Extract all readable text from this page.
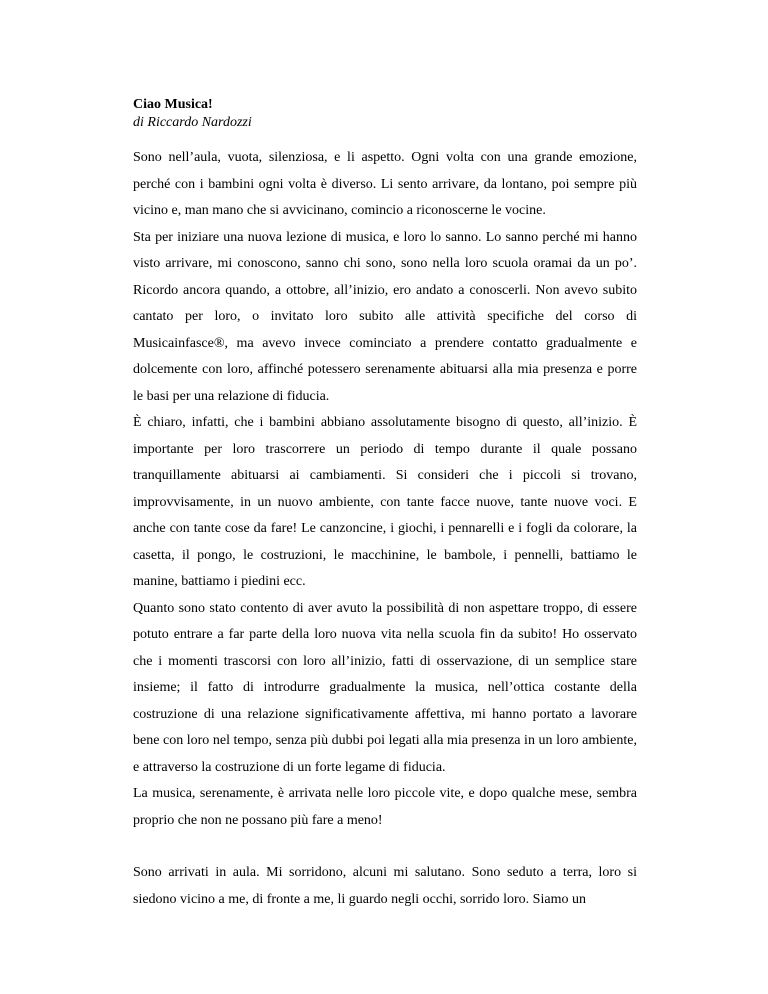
Ciao Musica!

di Riccardo Nardozzi

Sono nell’aula, vuota, silenziosa, e li aspetto. Ogni volta con una grande emozione, perché con i bambini ogni volta è diverso. Li sento arrivare, da lontano, poi sempre più vicino e, man mano che si avvicinano, comincio a riconoscerne le vocine.

Sta per iniziare una nuova lezione di musica, e loro lo sanno. Lo sanno perché mi hanno visto arrivare, mi conoscono, sanno chi sono, sono nella loro scuola oramai da un po’. Ricordo ancora quando, a ottobre, all’inizio, ero andato a conoscerli. Non avevo subito cantato per loro, o invitato loro subito alle attività specifiche del corso di Musicainfasce®, ma avevo invece cominciato a prendere contatto gradualmente e dolcemente con loro, affinché potessero serenamente abituarsi alla mia presenza e porre le basi per una relazione di fiducia.

È chiaro, infatti, che i bambini abbiano assolutamente bisogno di questo, all’inizio. È importante per loro trascorrere un periodo di tempo durante il quale possano tranquillamente abituarsi ai cambiamenti. Si consideri che i piccoli si trovano, improvvisamente, in un nuovo ambiente, con tante facce nuove, tante nuove voci. E anche con tante cose da fare! Le canzoncine, i giochi, i pennarelli e i fogli da colorare, la casetta, il pongo, le costruzioni, le macchinine, le bambole, i pennelli, battiamo le manine, battiamo i piedini ecc.

Quanto sono stato contento di aver avuto la possibilità di non aspettare troppo, di essere potuto entrare a far parte della loro nuova vita nella scuola fin da subito! Ho osservato che i momenti trascorsi con loro all’inizio, fatti di osservazione, di un semplice stare insieme; il fatto di introdurre gradualmente la musica, nell’ottica costante della costruzione di una relazione significativamente affettiva, mi hanno portato a lavorare bene con loro nel tempo, senza più dubbi poi legati alla mia presenza in un loro ambiente, e attraverso la costruzione di un forte legame di fiducia.

La musica, serenamente, è arrivata nelle loro piccole vite, e dopo qualche mese, sembra proprio che non ne possano più fare a meno!

Sono arrivati in aula. Mi sorridono, alcuni mi salutano. Sono seduto a terra, loro si siedono vicino a me, di fronte a me, li guardo negli occhi, sorrido loro. Siamo un
